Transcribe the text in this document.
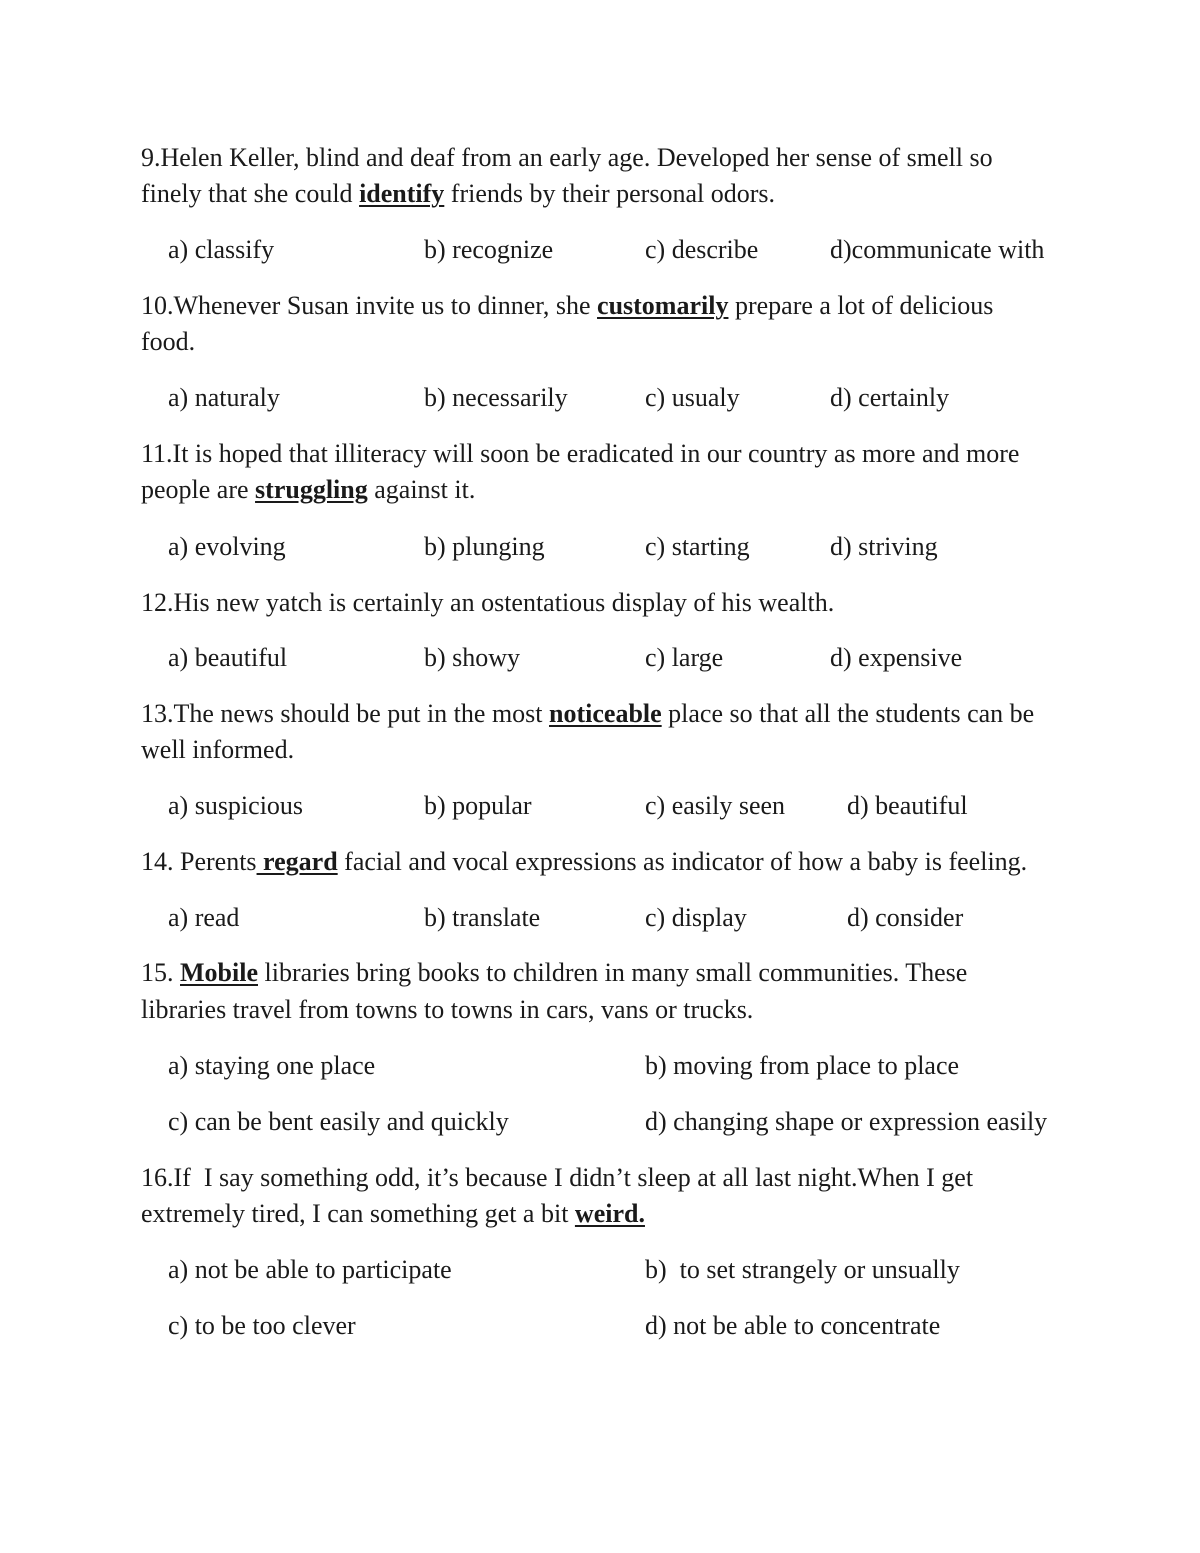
9.Helen Keller, blind and deaf from an early age. Developed her sense of smell so
finely that she could identify friends by their personal odors.
a) classify	b) recognize	c) describe	d)communicate with
10.Whenever Susan invite us to dinner, she customarily prepare a lot of delicious
food.
a) naturaly	b) necessarily	c) usualy	d) certainly
11.It is hoped that illiteracy will soon be eradicated in our country as more and more
people are struggling against it.
a) evolving	b) plunging	c) starting	d) striving
12.His new yatch is certainly an ostentatious display of his wealth.
a) beautiful	b) showy	c) large	d) expensive
13.The news should be put in the most noticeable place so that all the students can be
well informed.
a) suspicious	b) popular	c) easily seen d) beautiful
14. Perents regard facial and vocal expressions as indicator of how a baby is feeling.
a) read	b) translate	c) display	d) consider
15. Mobile libraries bring books to children in many small communities. These
libraries travel from towns to towns in cars, vans or trucks.
a) staying one place	b) moving from place to place
c) can be bent easily and quickly	d) changing shape or expression easily
16.If  I say something odd, it’s because I didn’t sleep at all last night.When I get
extremely tired, I can something get a bit weird.
a) not be able to participate	b)  to set strangely or unsually
c) to be too clever	d) not be able to concentrate
